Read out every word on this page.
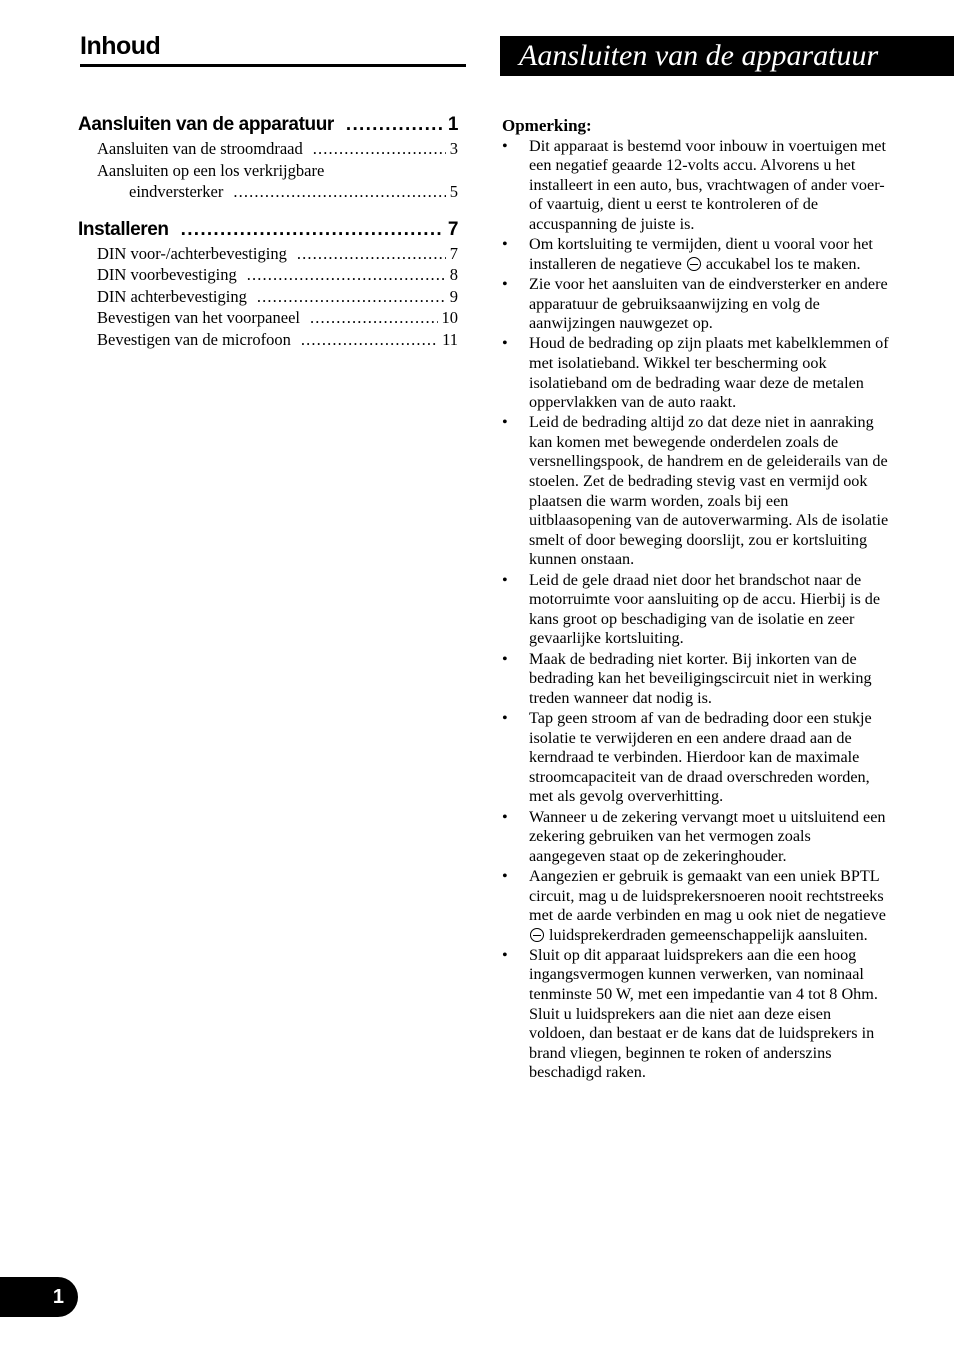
Inhoud	Aansluiten van de apparatuur
Aansluiten van de apparatuur . . .	1
Aansluiten van de stroomdraad . . .	3
Aansluiten op een los verkrijgbare
eindversterker . . .	5
Installeren . . .	7
DIN voor-/achterbevestiging . . .	7
DIN voorbevestiging . . .	8
DIN achterbevestiging . . .	9
Bevestigen van het voorpaneel . . .	10
Bevestigen van de microfoon . . .	11
Opmerking:
• Dit apparaat is bestemd voor inbouw in voertuigen met een negatief geaarde 12-volts accu. Alvorens u het installeert in een auto, bus, vrachtwagen of ander voer- of vaartuig, dient u eerst te kontroleren of de accuspanning de juiste is.
• Om kortsluiting te vermijden, dient u vooral voor het installeren de negatieve accukabel los te maken.
• Zie voor het aansluiten van de eindversterker en andere apparatuur de gebruiksaanwijzing en volg de aanwijzingen nauwgezet op.
• Houd de bedrading op zijn plaats met kabelklemmen of met isolatieband. Wikkel ter bescherming ook isolatieband om de bedrading waar deze de metalen oppervlakken van de auto raakt.
• Leid de bedrading altijd zo dat deze niet in aanraking kan komen met bewegende onderdelen zoals de versnellingspook, de handrem en de geleiderails van de stoelen. Zet de bedrading stevig vast en vermijd ook plaatsen die warm worden, zoals bij een uitblaasopening van de autoverwarming. Als de isolatie smelt of door beweging doorslijt, zou er kortsluiting kunnen onstaan.
• Leid de gele draad niet door het brandschot naar de motorruimte voor aansluiting op de accu. Hierbij is de kans groot op beschadiging van de isolatie en zeer gevaarlijke kortsluiting.
• Maak de bedrading niet korter. Bij inkorten van de bedrading kan het beveiligingscircuit niet in werking treden wanneer dat nodig is.
• Tap geen stroom af van de bedrading door een stukje isolatie te verwijderen en een andere draad aan de kerndraad te verbinden. Hierdoor kan de maximale stroomcapaciteit van de draad overschreden worden, met als gevolg oververhitting.
• Wanneer u de zekering vervangt moet u uitsluitend een zekering gebruiken van het vermogen zoals aangegeven staat op de zekeringhouder.
• Aangezien er gebruik is gemaakt van een uniek BPTL circuit, mag u de luidsprekersnoeren nooit rechtstreeks met de aarde verbinden en mag u ook niet de negatieve  luidsprekerdraden gemeenschappelijk aansluiten.
• Sluit op dit apparaat luidsprekers aan die een hoog ingangsvermogen kunnen verwerken, van nominaal tenminste 50 W, met een impedantie van 4 tot 8 Ohm. Sluit u luidsprekers aan die niet aan deze eisen voldoen, dan bestaat er de kans dat de luidsprekers in brand vliegen, beginnen te roken of anderszins beschadigd raken.
1
